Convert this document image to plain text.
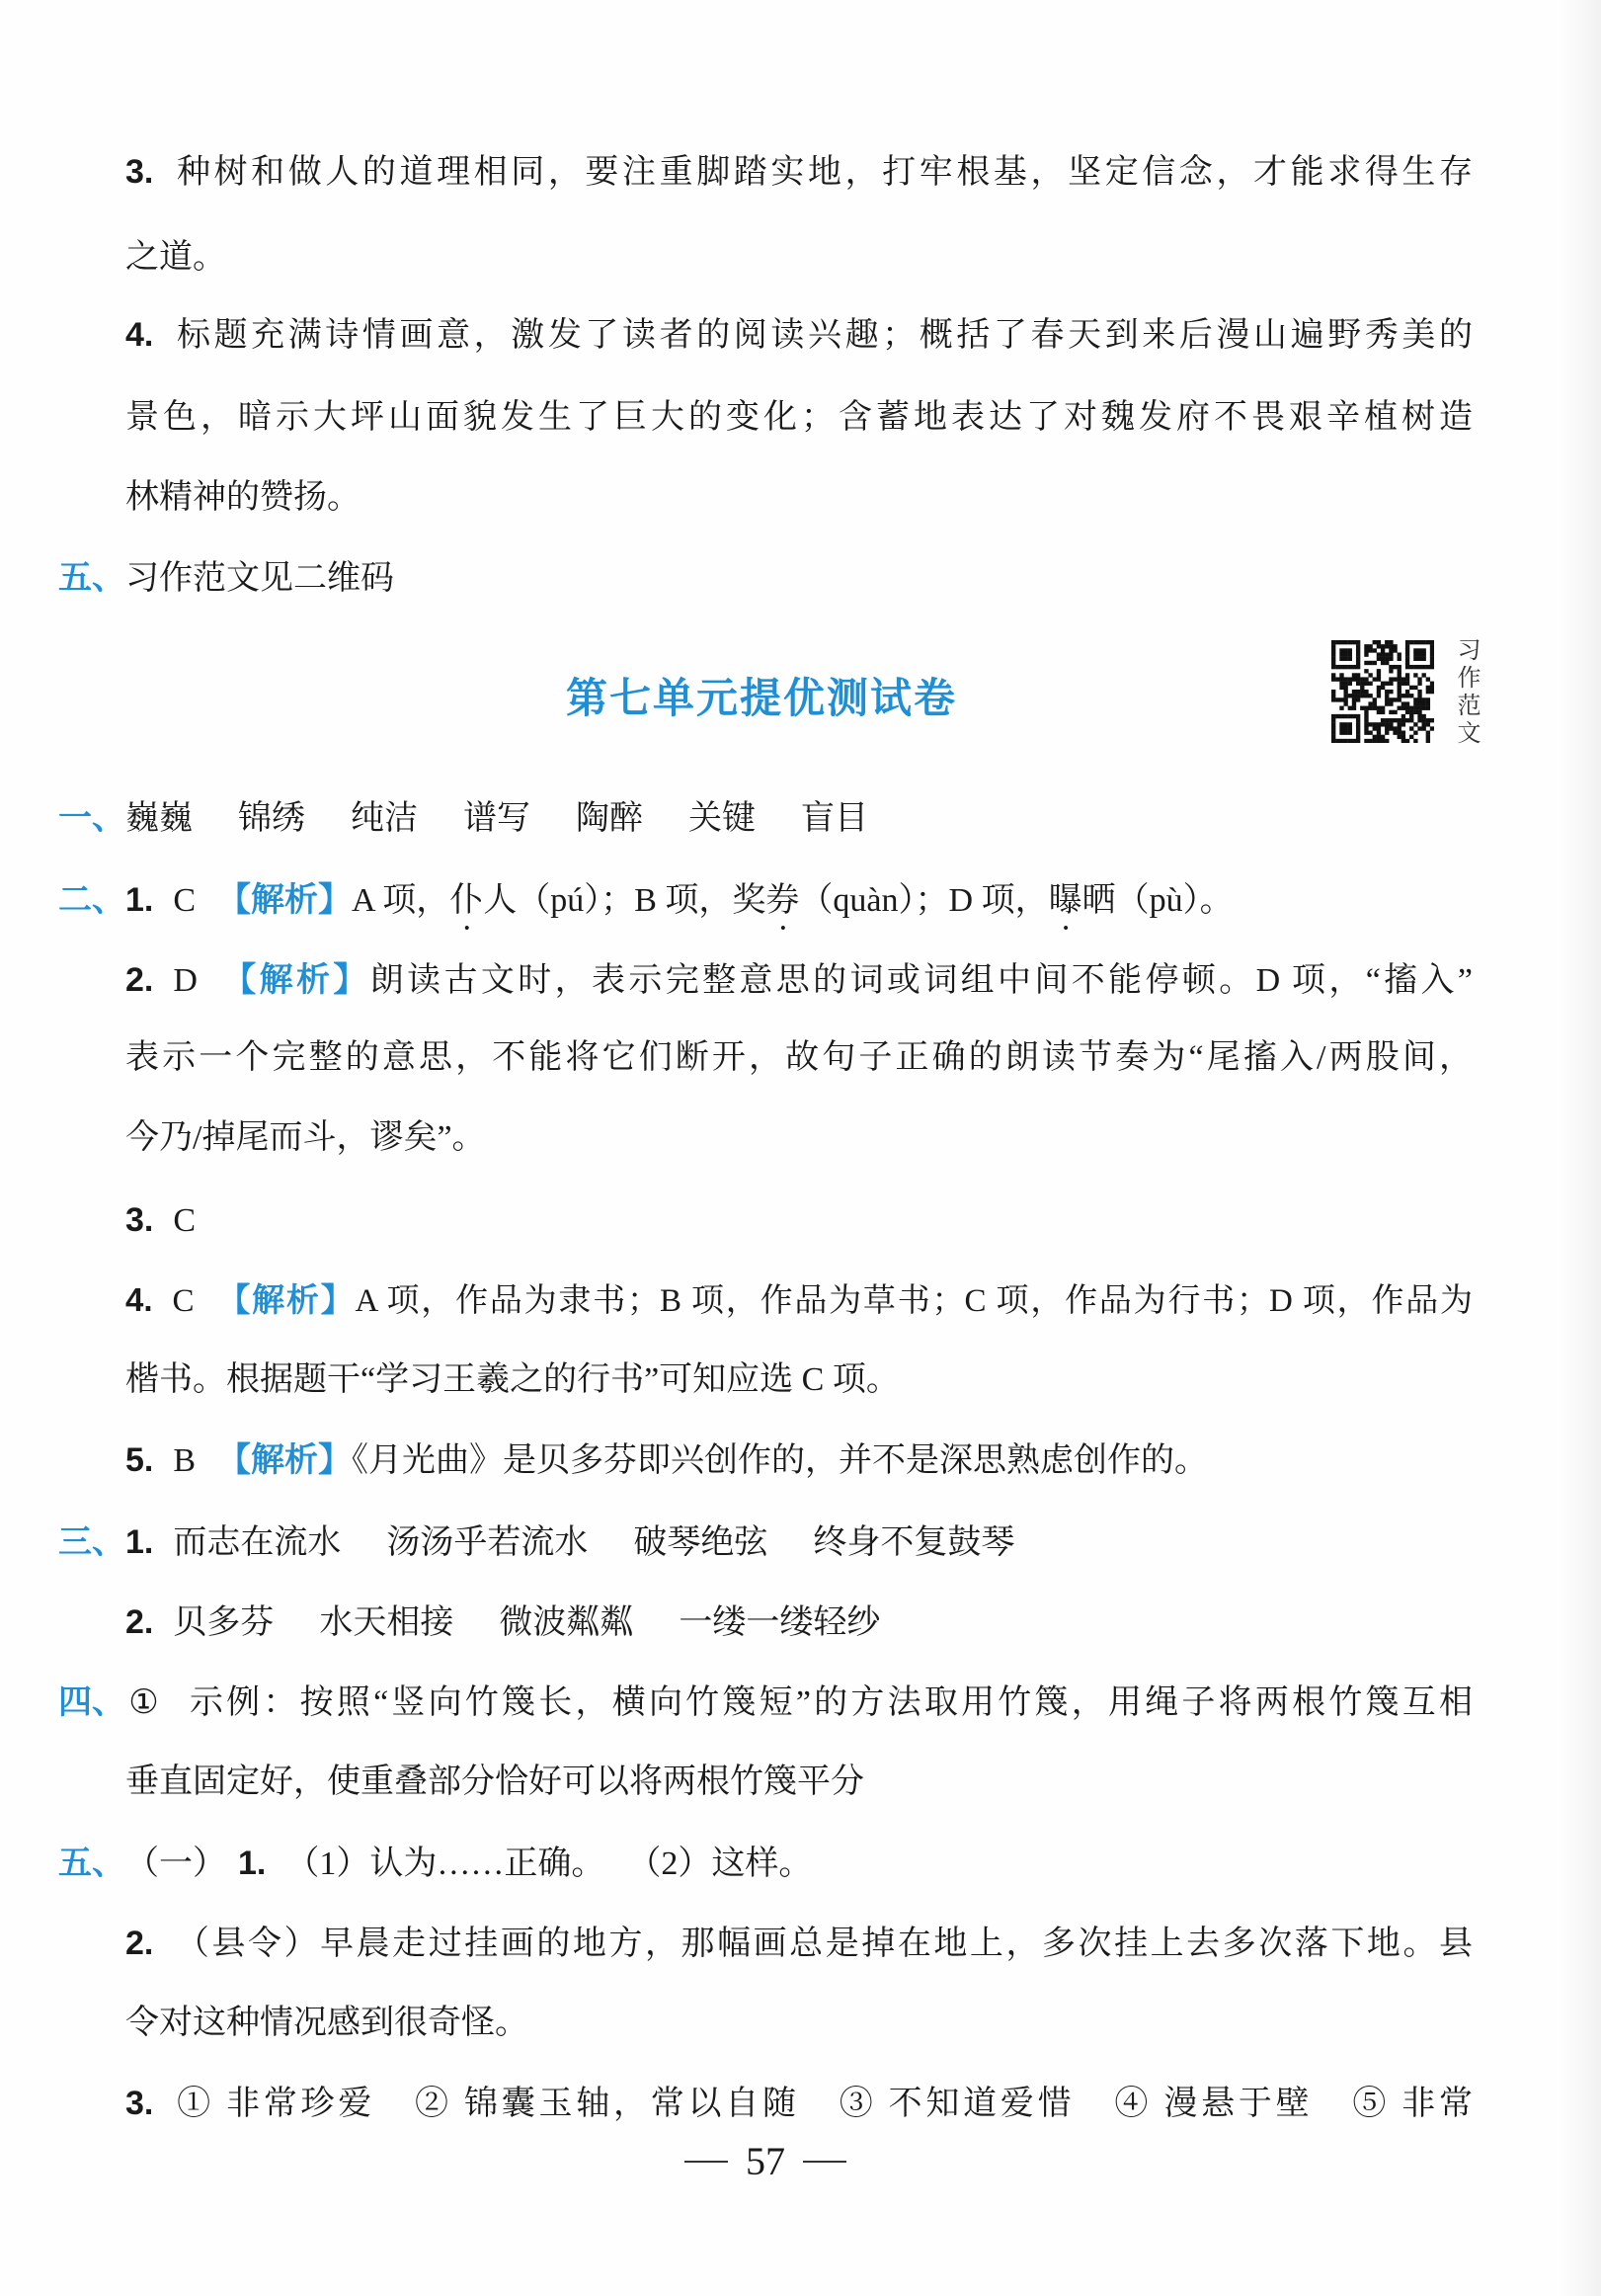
3. 种树和做人的道理相同，要注重脚踏实地，打牢根基，坚定信念，才能求得生存
之道。
4. 标题充满诗情画意，激发了读者的阅读兴趣；概括了春天到来后漫山遍野秀美的
景色，暗示大坪山面貌发生了巨大的变化；含蓄地表达了对魏发府不畏艰辛植树造
林精神的赞扬。
五、习作范文见二维码
第七单元提优测试卷	习作范文
一、巍巍 锦绣 纯洁 谱写 陶醉 关键 盲目
二、1. C 【解析】A 项，仆人（pú）；B 项，奖券（quàn）；D 项，曝晒（pù）。
2. D 【解析】朗读古文时，表示完整意思的词或词组中间不能停顿。D 项，“搐入”
表示一个完整的意思，不能将它们断开，故句子正确的朗读节奏为“尾搐入/两股间，
今乃/掉尾而斗，谬矣”。
3. C
4. C 【解析】A 项，作品为隶书；B 项，作品为草书；C 项，作品为行书；D 项，作品为
楷书。根据题干“学习王羲之的行书”可知应选 C 项。
5. B 【解析】《月光曲》是贝多芬即兴创作的，并不是深思熟虑创作的。
三、1. 而志在流水 汤汤乎若流水 破琴绝弦 终身不复鼓琴
2. 贝多芬 水天相接 微波粼粼 一缕一缕轻纱
四、① 示例：按照“竖向竹篾长，横向竹篾短”的方法取用竹篾，用绳子将两根竹篾互相
垂直固定好，使重叠部分恰好可以将两根竹篾平分
五、（一） 1. （1）认为……正确。 （2）这样。
2. （县令）早晨走过挂画的地方，那幅画总是掉在地上，多次挂上去多次落下地。县
令对这种情况感到很奇怪。
3. ① 非常珍爱 ② 锦囊玉轴，常以自随 ③ 不知道爱惜 ④ 漫悬于壁 ⑤ 非常
57
